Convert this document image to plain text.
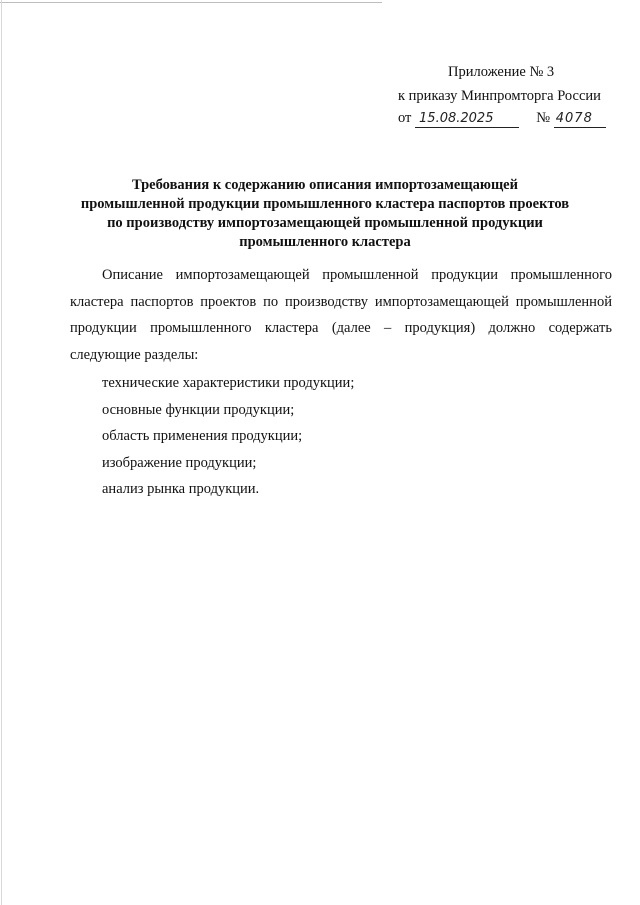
Приложение № 3
к приказу Минпромторга России
от 15.08.2025	№ 4078
Требования к содержанию описания импортозамещающей
промышленной продукции промышленного кластера паспортов проектов
по производству импортозамещающей промышленной продукции
промышленного кластера
Описание импортозамещающей промышленной продукции промышленного
кластера паспортов проектов по производству импортозамещающей промышленной
продукции промышленного кластера (далее – продукция) должно содержать
следующие разделы:
технические характеристики продукции;
основные функции продукции;
область применения продукции;
изображение продукции;
анализ рынка продукции.
